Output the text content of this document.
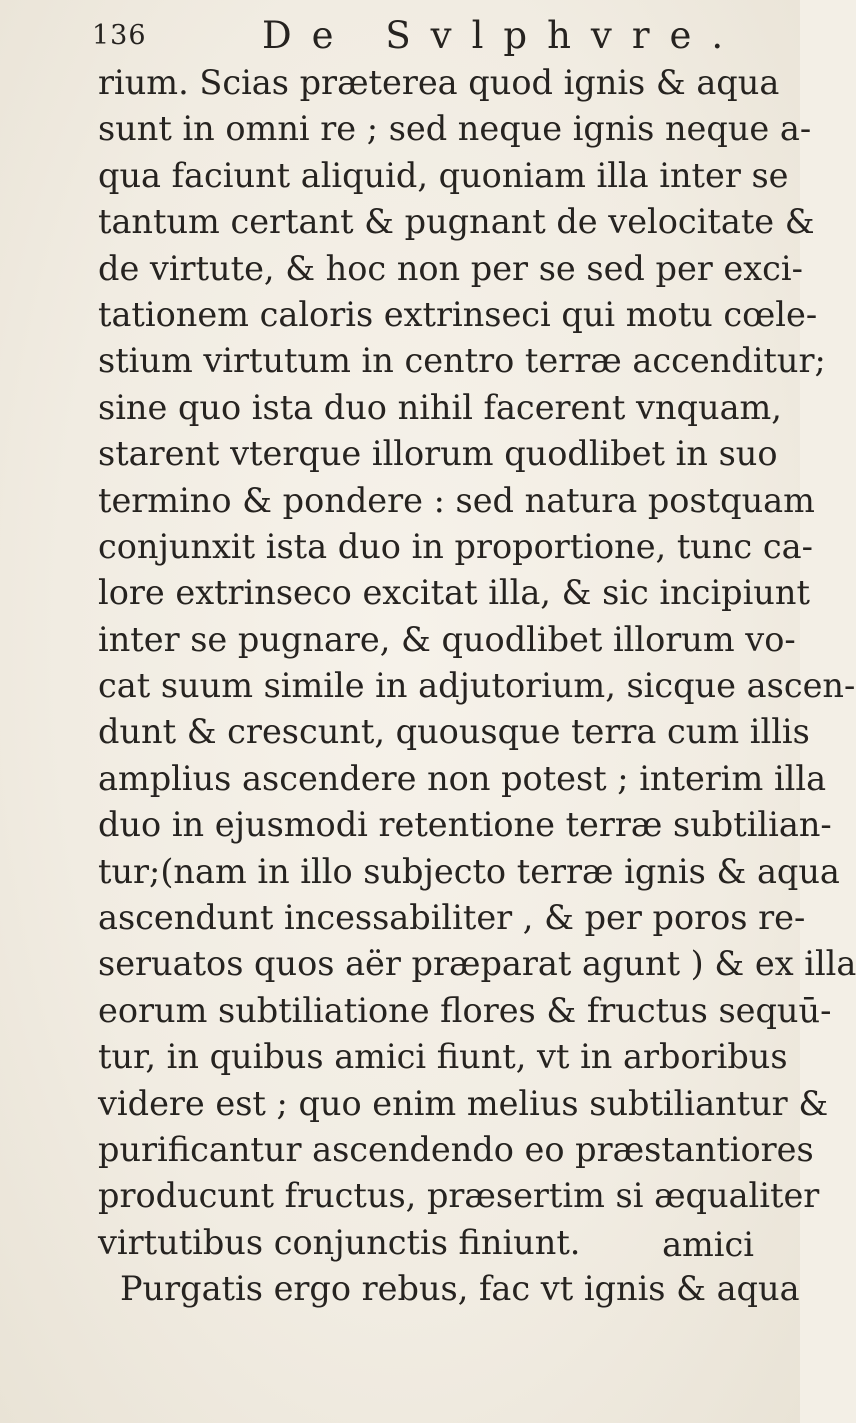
136	De Svlphvre.
rium. Scias præterea quod ignis & aqua
sunt in omni re ; sed neque ignis neque a-
qua faciunt aliquid, quoniam illa inter se
tantum certant & pugnant de velocitate &
de virtute, & hoc non per se sed per exci-
tationem caloris extrinseci qui motu cœle-
stium virtutum in centro terræ accenditur;
sine quo ista duo nihil facerent vnquam,
starent vterque illorum quodlibet in suo
termino & pondere : sed natura postquam
conjunxit ista duo in proportione, tunc ca-
lore extrinseco excitat illa, & sic incipiunt
inter se pugnare, & quodlibet illorum vo-
cat suum simile in adjutorium, sicque ascen-
dunt & crescunt, quousque terra cum illis
amplius ascendere non potest ; interim illa
duo in ejusmodi retentione terræ subtilian-
tur;(nam in illo subjecto terræ ignis & aqua
ascendunt incessabiliter , & per poros re-
seruatos quos aër præparat agunt ) & ex illa
eorum subtiliatione flores & fructus sequū-
tur, in quibus amici fiunt, vt in arboribus
videre est ; quo enim melius subtiliantur &
purificantur ascendendo eo præstantiores
producunt fructus, præsertim si æqualiter
virtutibus conjunctis finiunt.
Purgatis ergo rebus, fac vt ignis & aqua
amici
